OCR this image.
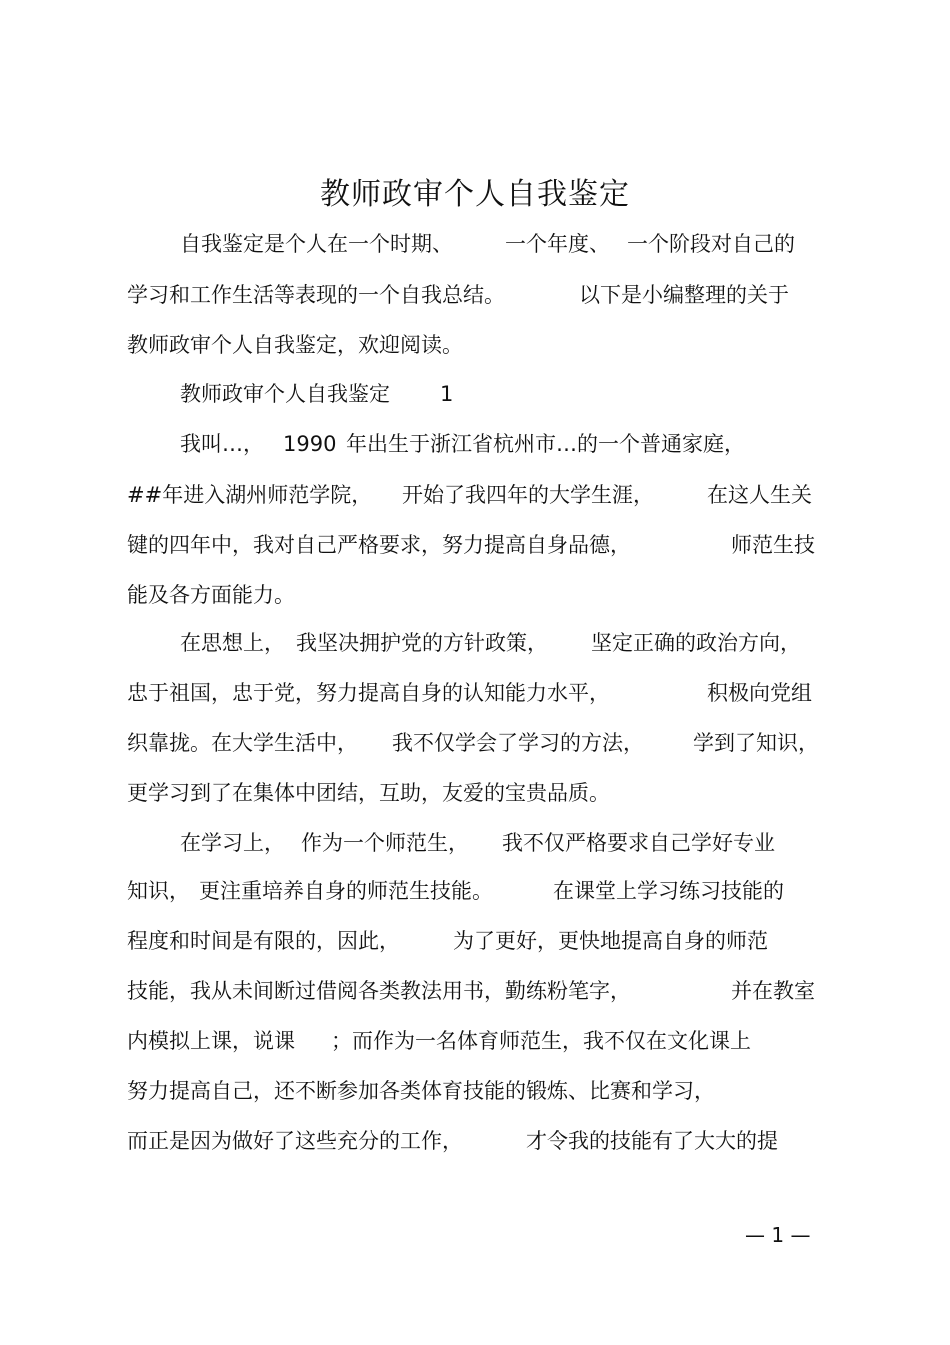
教师政审个人自我鉴定

自我鉴定是个人在一个时期、

一个年度、

一个阶段对自己的

学习和工作生活等表现的一个自我总结。

	以下是小编整理的关于

教师政审个人自我鉴定，欢迎阅读。

教师政审个人自我鉴定

1

我叫…，

1990

年出生于浙江省杭州市…的一个普通家庭，

##年进入湖州师范学院，

开始了我四年的大学生涯，

	在这人生关

键的四年中，我对自己严格要求，努力提高自身品德，

	师范生技

能及各方面能力。

在思想上，

我坚决拥护党的方针政策，

坚定正确的政治方向，

忠于祖国，忠于党，努力提高自身的认知能力水平，

	积极向党组

织靠拢。在大学生活中，

我不仅学会了学习的方法，

学到了知识，

更学习到了在集体中团结，互助，友爱的宝贵品质。

在学习上，

作为一个师范生，

我不仅严格要求自己学好专业

知识，

更注重培养自身的师范生技能。

	在课堂上学习练习技能的

程度和时间是有限的，因此，

	为了更好，更快地提高自身的师范

技能，我从未间断过借阅各类教法用书，勤练粉笔字，

	并在教室

内模拟上课，说课

；而作为一名体育师范生，我不仅在文化课上

努力提高自己，还不断参加各类体育技能的锻炼、比赛和学习，

而正是因为做好了这些充分的工作，

	才令我的技能有了大大的提

— 1 —
